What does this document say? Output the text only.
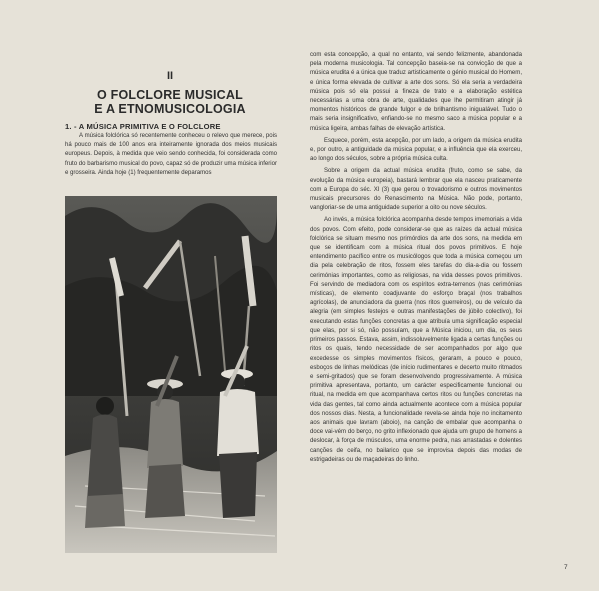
II
O FOLCLORE MUSICAL
E A ETNOMUSICOLOGIA
1. - A MÚSICA PRIMITIVA E O FOLCLORE

A música folclórica só recentemente conheceu o relevo que merece, pois há pouco mais de 100 anos era inteiramente ignorada dos meios musicais europeus. Depois, à medida que veio sendo conhecida, foi considerada como fruto do barbarismo musical do povo, capaz só de produzir uma música inferior e grosseira. Ainda hoje (1) frequentemente deparamos

com esta concepção, a qual no entanto, vai sendo felizmente, abandonada pela moderna musicologia. Tal concepção baseia-se na convicção de que a música erudita é a única que traduz artisticamente o génio musical do Homem, e única forma elevada de cultivar a arte dos sons. Só ela seria a verdadeira música pois só ela possui a fineza de trato e a elaboração estética necessárias a uma obra de arte, qualidades que lhe permitiram atingir já momentos históricos de grande fulgor e de brilhantismo inigualável. Tudo o mais seria insignificativo, enfiando-se no mesmo saco a música popular e a música ligeira, ambas falhas de elevação artística.

Esquece, porém, esta acepção, por um lado, a origem da música erudita e, por outro, a antiguidade da música popular, e a influência que ela exerceu, ao longo dos séculos, sobre a própria música culta.

Sobre a origem da actual música erudita (fruto, como se sabe, da evolução da música europeia), bastará lembrar que ela nasceu praticamente com a Europa do séc. XI (3) que gerou o trovadorismo e outros movimentos musicais precursores do Renascimento na Música. Não pode, portanto, vangloriar-se de uma antiguidade superior a oito ou nove séculos.

Ao invés, a música folclórica acompanha desde tempos imemoriais a vida dos povos. Com efeito, pode considerar-se que as raízes da actual música folclórica se situam mesmo nos primórdios da arte dos sons, na medida em que se identificam com a música ritual dos povos primitivos. E hoje entendimento pacífico entre os musicólogos que toda a música começou um dia pela celebração de ritos, fossem eles tarefas do dia-a-dia ou fossem cerimónias importantes, como as religiosas, na vida desses povos primitivos. Foi servindo de mediadora com os espíritos extra-terrenos (nas cerimónias místicas), de elemento coadjuvante do esforço braçal (nos trabalhos agrícolas), de anunciadora da guerra (nos ritos guerreiros), ou de veículo da alegria (em simples festejos e outras manifestações de júbilo colectivo), foi executando estas funções concretas a que atribuía uma significação especial que elas, por si só, não possuíam, que a Música iniciou, um dia, os seus primeiros passos. Estava, assim, indissoluvelmente ligada a certas funções ou ritos os quais, tendo necessidade de ser acompanhados por algo que excedesse os simples movimentos físicos, geraram, a pouco e pouco, esboços de linhas melódicas (de início rudimentares e decerto muito ritmados e semi-gritados) que se foram desenvolvendo progressivamente. A música primitiva apresentava, portanto, um carácter especificamente funcional ou ritual, na medida em que acompanhava certos ritos ou funções concretas na vida das gentes, tal como ainda actualmente acontece com a música popular dos nossos dias. Nesta, a funcionalidade revela-se ainda hoje no incitamento aos animais que lavram (aboio), na canção de embalar que acompanha o doce vai-vém do berço, no grito inflexionado que ajuda um grupo de homens a deslocar, à força de músculos, uma enorme pedra, nas arrastadas e dolentes canções de ceifa, no bailarico que se improvisa depois das modas de estrigadeiras ou de maçadeiras do linho.

7
